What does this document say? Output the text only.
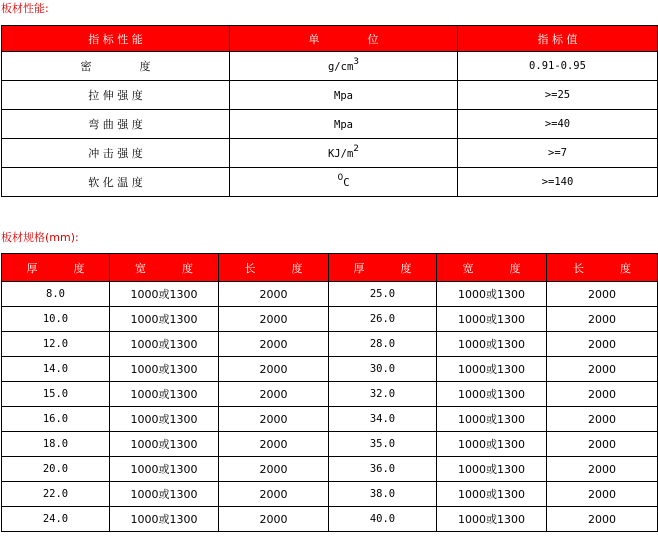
板材性能:
指 标 性 能	单 位	指 标 值
密 度	$g/cm^3$	0.91-0.95
拉 伸 强 度	Mpa	>=25
弯 曲 强 度	Mpa	>=40
冲 击 强 度	$KJ/m^2$	>=7
软 化 温 度	$^0$C	>=140
板材规格(mm):
厚 度	宽 度	长 度	厚 度	宽 度	长 度
8.0	1000或1300	2000	25.0	1000或1300	2000
10.0	1000或1300	2000	26.0	1000或1300	2000
12.0	1000或1300	2000	28.0	1000或1300	2000
14.0	1000或1300	2000	30.0	1000或1300	2000
15.0	1000或1300	2000	32.0	1000或1300	2000
16.0	1000或1300	2000	34.0	1000或1300	2000
18.0	1000或1300	2000	35.0	1000或1300	2000
20.0	1000或1300	2000	36.0	1000或1300	2000
22.0	1000或1300	2000	38.0	1000或1300	2000
24.0	1000或1300	2000	40.0	1000或1300	2000
